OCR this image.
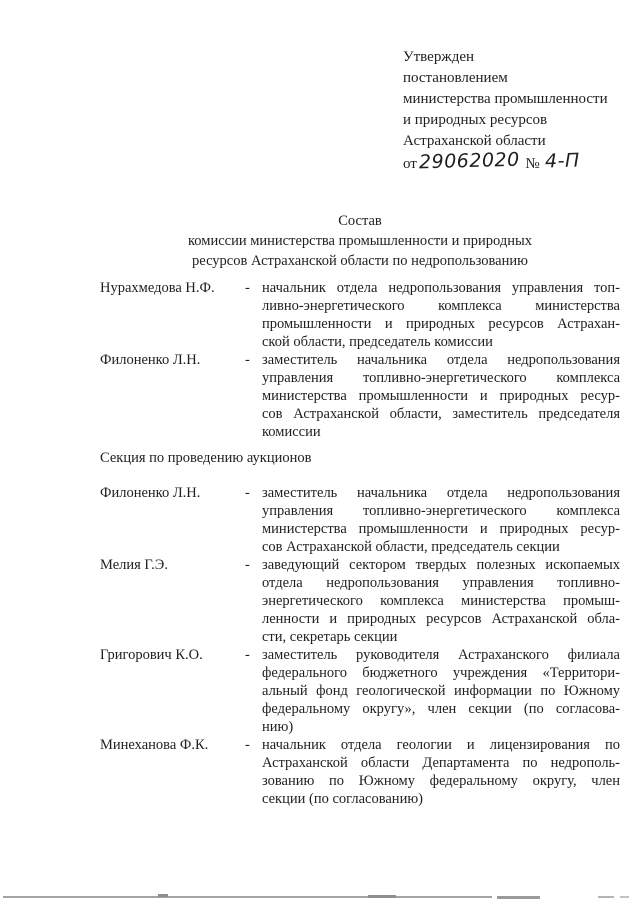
Утвержден
постановлением
министерства промышленности
и природных ресурсов
Астраханской области
от29062020 № 4-П
Состав
комиссии министерства промышленности и природных
ресурсов Астраханской области по недропользованию
Нурахмедова Н.Ф.	- начальник отдела недропользования управления топ-
ливно-энергетического комплекса министерства
промышленности и природных ресурсов Астрахан-
ской области, председатель комиссии
Филоненко Л.Н.	- заместитель начальника отдела недропользования
управления топливно-энергетического комплекса
министерства промышленности и природных ресур-
сов Астраханской области, заместитель председателя
комиссии
Секция по проведению аукционов
Филоненко Л.Н.	- заместитель начальника отдела недропользования
управления топливно-энергетического комплекса
министерства промышленности и природных ресур-
сов Астраханской области, председатель секции
Мелия Г.Э.	- заведующий сектором твердых полезных ископаемых
отдела недропользования управления топливно-
энергетического комплекса министерства промыш-
ленности и природных ресурсов Астраханской обла-
сти, секретарь секции
Григорович К.О.	- заместитель руководителя Астраханского филиала
федерального бюджетного учреждения «Территори-
альный фонд геологической информации по Южному
федеральному округу», член секции (по согласова-
нию)
Минеханова Ф.К.	- начальник отдела геологии и лицензирования по
Астраханской области Департамента по недрополь-
зованию по Южному федеральному округу, член
секции (по согласованию)
